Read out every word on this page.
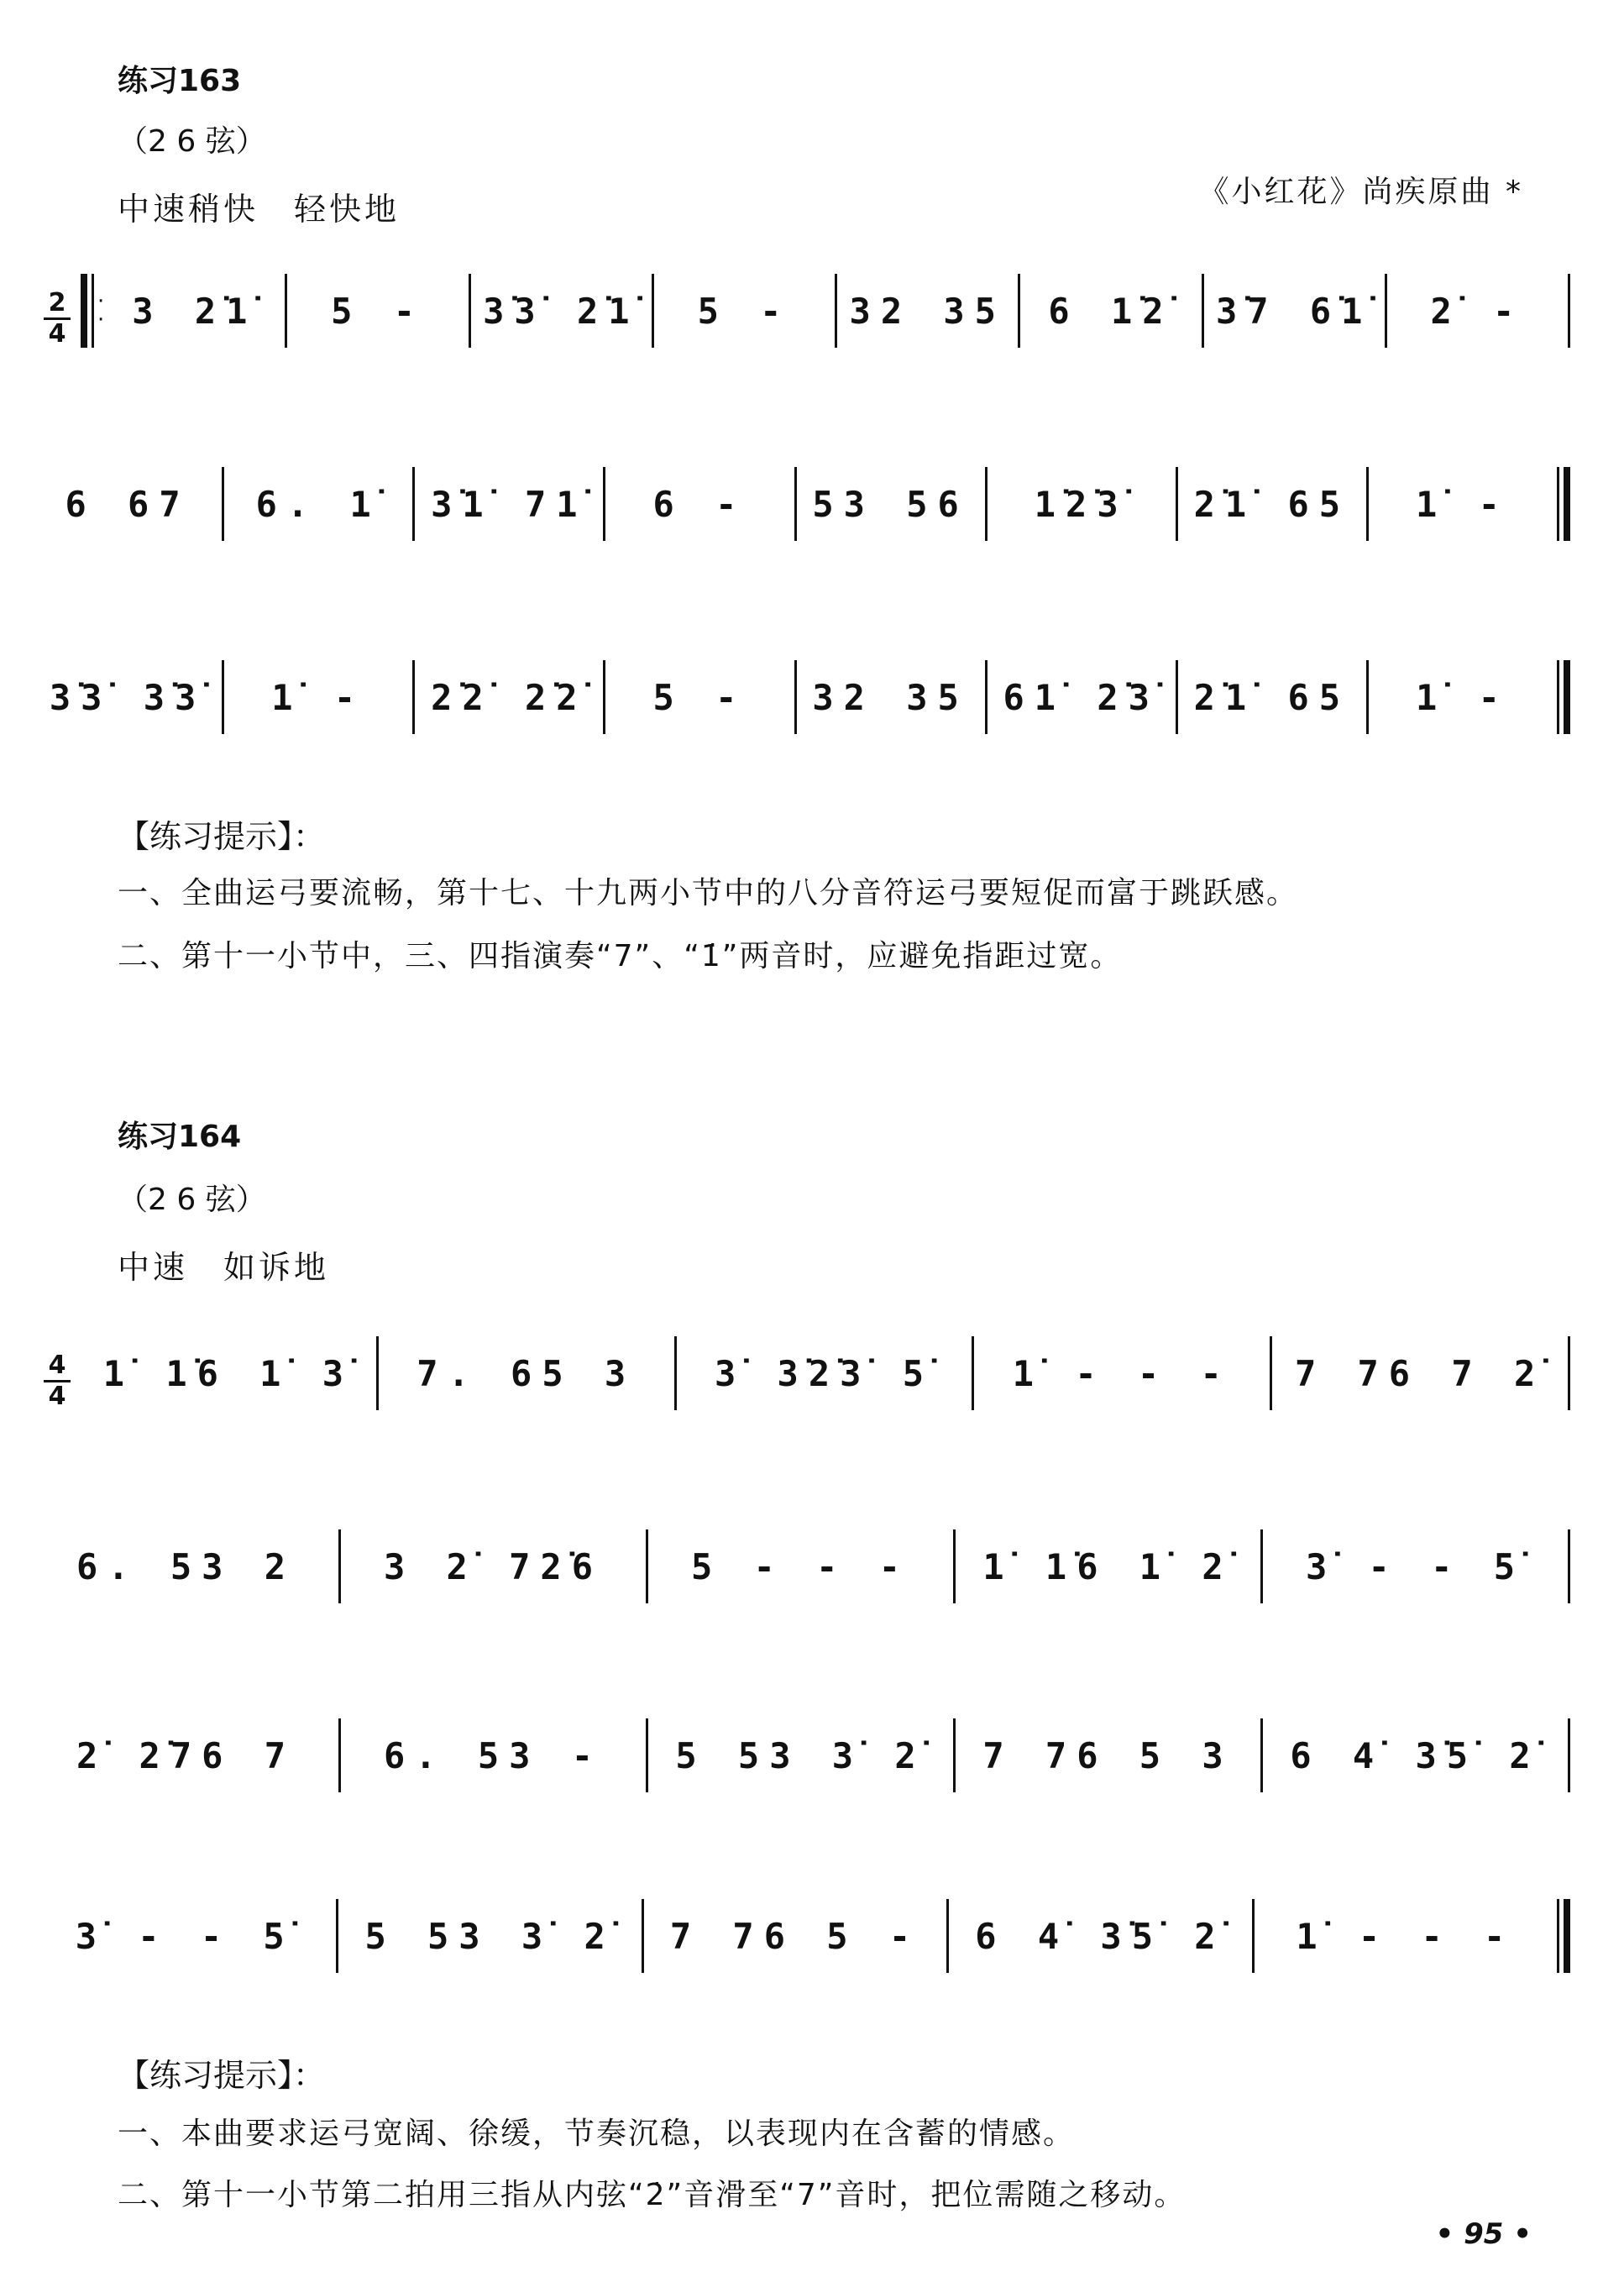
练习163
（2 6 弦）
中速稍快　轻快地	《小红花》尚疾原曲 *
2
4
·
· 3 2̇1̇	5 -	3̇3̇ 2̇1̇	5 -	32 35	6 1̇2̇	3̇7 6̇1̇	2̇ -
6 67	6. 1̇	3̇1̇ 71̇	6 -	53 56	1̇2̇3̇	2̇1̇ 65	1̇ -
3̇3̇ 3̇3̇	1̇ -	2̇2̇ 2̇2̇	5 -	32 35 61̇ 2̇3̇ 2̇1̇ 65	1̇ -
【练习提示】：
一、全曲运弓要流畅，第十七、十九两小节中的八分音符运弓要短促而富于跳跃感。
二、第十一小节中，三、四指演奏“7”、“1̇”两音时，应避免指距过宽。
练习164
（2 6 弦）
中速　如诉地
4
4
1̇ 1̇6 1̇ 3̇	7. 65 3	3̇ 3̇2̇3̇ 5̇	1̇ - - -	7 76 7 2̇
6. 53 2	3 2̇ 72̇6	5 - - -	1̇ 1̇6 1̇ 2̇	3̇ - - 5̇
2̇ 2̇76 7	6. 53 -	5 53 3̇ 2̇	7 76 5 3	6 4̇ 3̇5̇ 2̇
3̇ - - 5̇	5 53 3̇ 2̇	7 76 5 -	6 4̇ 3̇5̇ 2̇	1̇ - - -
【练习提示】：
一、本曲要求运弓宽阔、徐缓，节奏沉稳，以表现内在含蓄的情感。
二、第十一小节第二拍用三指从内弦“2̇”音滑至“7”音时，把位需随之移动。
• 95 •
